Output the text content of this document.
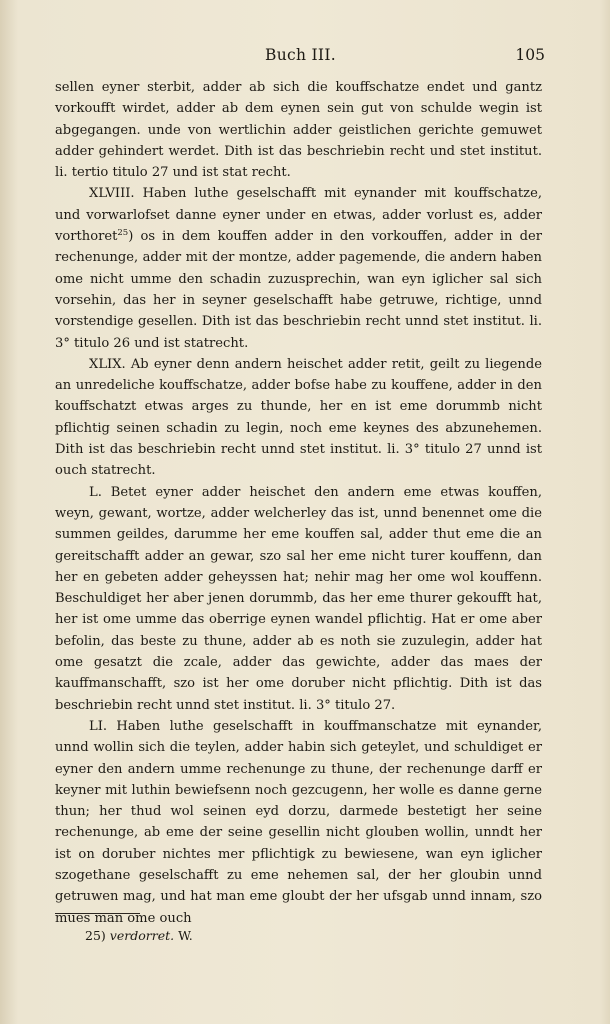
Buch III.	105

sellen eyner sterbit, adder ab sich die kouffschatze endet und gantz vorkoufft wirdet, adder ab dem eynen sein gut von schulde wegin ist abgegangen. unde von wertlichin adder geistlichen gerichte gemuwet adder gehindert werdet. Dith ist das beschriebin recht und stet institut. li. tertio titulo 27 und ist stat recht.

XLVIII. Haben luthe geselschafft mit eynander mit kouffschatze, und vorwarlofset danne eyner under en etwas, adder vorlust es, adder vorthoret$^{25}$) os in dem kouffen adder in den vorkouffen, adder in der rechenunge, adder mit der montze, adder pagemende, die andern haben ome nicht umme den schadin zuzusprechin, wan eyn iglicher sal sich vorsehin, das her in seyner geselschafft habe getruwe, richtige, unnd vorstendige gesellen. Dith ist das beschriebin recht unnd stet institut. li. 3° titulo 26 und ist statrecht.

XLIX. Ab eyner denn andern heischet adder retit, geilt zu liegende an unredeliche kouffschatze, adder bofse habe zu kouffene, adder in den kouffschatzt etwas arges zu thunde, her en ist eme dorummb nicht pflichtig seinen schadin zu legin, noch eme keynes des abzunehemen. Dith ist das beschriebin recht unnd stet institut. li. 3° titulo 27 unnd ist ouch statrecht.

L. Betet eyner adder heischet den andern eme etwas kouffen, weyn, gewant, wortze, adder welcherley das ist, unnd benennet ome die summen geildes, darumme her eme kouffen sal, adder thut eme die an gereitschafft adder an gewar, szo sal her eme nicht turer kouffenn, dan her en gebeten adder geheyssen hat; nehir mag her ome wol kouffenn. Beschuldiget her aber jenen dorummb, das her eme thurer gekoufft hat, her ist ome umme das oberrige eynen wandel pflichtig. Hat er ome aber befolin, das beste zu thune, adder ab es noth sie zuzulegin, adder hat ome gesatzt die zcale, adder das gewichte, adder das maes der kauffmanschafft, szo ist her ome doruber nicht pflichtig. Dith ist das beschriebin recht unnd stet institut. li. 3° titulo 27.

LI. Haben luthe geselschafft in kouffmanschatze mit eynander, unnd wollin sich die teylen, adder habin sich geteylet, und schuldiget er eyner den andern umme rechenunge zu thune, der rechenunge darff er keyner mit luthin bewiefsenn noch gezcugenn, her wolle es danne gerne thun; her thud wol seinen eyd dorzu, darmede bestetigt her seine rechenunge, ab eme der seine gesellin nicht glouben wollin, unndt her ist on doruber nichtes mer pflichtigk zu bewiesene, wan eyn iglicher szogethane geselschafft zu eme nehemen sal, der her gloubin unnd getruwen mag, und hat man eme gloubt der her ufsgab unnd innam, szo mues man ome ouch

25) verdorret. W.
